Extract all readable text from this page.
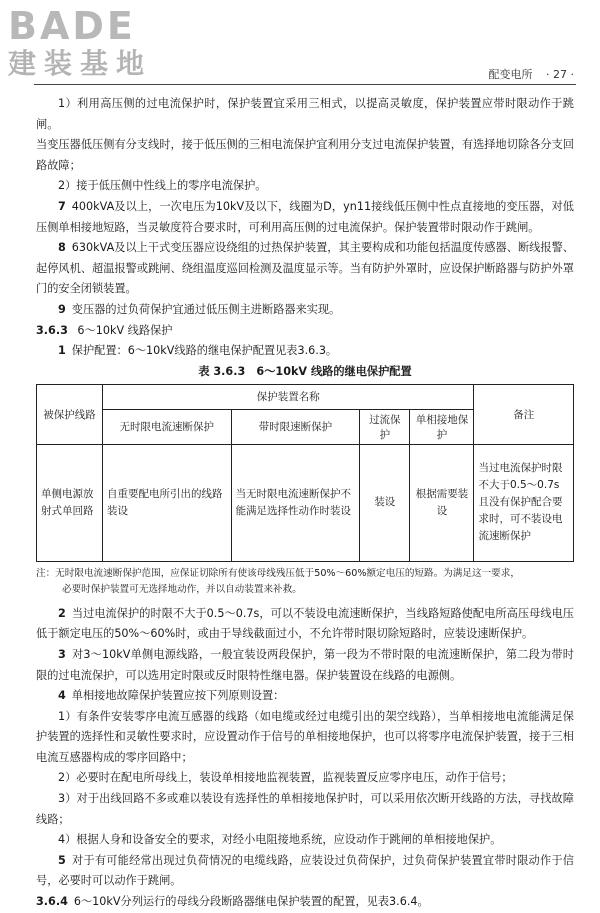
BADE
建装基地	配变电所 · 27 ·

1）利用高压侧的过电流保护时，保护装置宜采用三相式，以提高灵敏度，保护装置应带时限动作于跳闸。

当变压器低压侧有分支线时，接于低压侧的三相电流保护宜利用分支过电流保护装置，有选择地切除各分支回路故障；

2）接于低压侧中性线上的零序电流保护。

7 400kVA及以上，一次电压为10kV及以下，线圈为D，yn11接线低压侧中性点直接地的变压器，对低压侧单相接地短路，当灵敏度符合要求时，可利用高压侧的过电流保护。保护装置带时限动作于跳闸。

8 630kVA及以上干式变压器应设绕组的过热保护装置，其主要构成和功能包括温度传感器、断线报警、起停风机、超温报警或跳闸、绕组温度巡回检测及温度显示等。当有防护外罩时，应设保护断路器与防护外罩门的安全闭锁装置。

9 变压器的过负荷保护宜通过低压侧主进断路器来实现。

3.6.3 6～10kV 线路保护

1 保护配置：6～10kV线路的继电保护配置见表3.6.3。

表 3.6.3　6～10kV 线路的继电保护配置

被保护线路	保护装置名称				备注
	无时限电流速断保护	带时限速断保护	过流保护	单相接地保护	
单侧电源放射式单回路	自重要配电所引出的线路装设	当无时限电流速断保护不能满足选择性动作时装设	装设	根据需要装设	当过电流保护时限不大于0.5～0.7s且没有保护配合要求时，可不装设电流速断保护
注：无时限电流速断保护范围，应保证切除所有使该母线残压低于50%～60%额定电压的短路。为满足这一要求，
必要时保护装置可无选择地动作，并以自动装置来补救。

2 当过电流保护的时限不大于0.5～0.7s，可以不装设电流速断保护，当线路短路使配电所高压母线电压低于额定电压的50%～60%时，或由于导线截面过小，不允许带时限切除短路时，应装设速断保护。

3 对3～10kV单侧电源线路，一般宜装设两段保护，第一段为不带时限的电流速断保护，第二段为带时限的过电流保护，可以选用定时限或反时限特性继电器。保护装置设在线路的电源侧。

4 单相接地故障保护装置应按下列原则设置：

1）有条件安装零序电流互感器的线路（如电缆或经过电缆引出的架空线路），当单相接地电流能满足保护装置的选择性和灵敏性要求时，应设置动作于信号的单相接地保护，也可以将零序电流保护装置，接于三相电流互感器构成的零序回路中；

2）必要时在配电所母线上，装设单相接地监视装置，监视装置反应零序电压，动作于信号；

3）对于出线回路不多或难以装设有选择性的单相接地保护时，可以采用依次断开线路的方法，寻找故障线路；

4）根据人身和设备安全的要求，对经小电阻接地系统，应设动作于跳闸的单相接地保护。

5 对于有可能经常出现过负荷情况的电缆线路，应装设过负荷保护，过负荷保护装置宜带时限动作于信号，必要时可以动作于跳闸。

3.6.4 6～10kV分列运行的母线分段断路器继电保护装置的配置，见表3.6.4。
